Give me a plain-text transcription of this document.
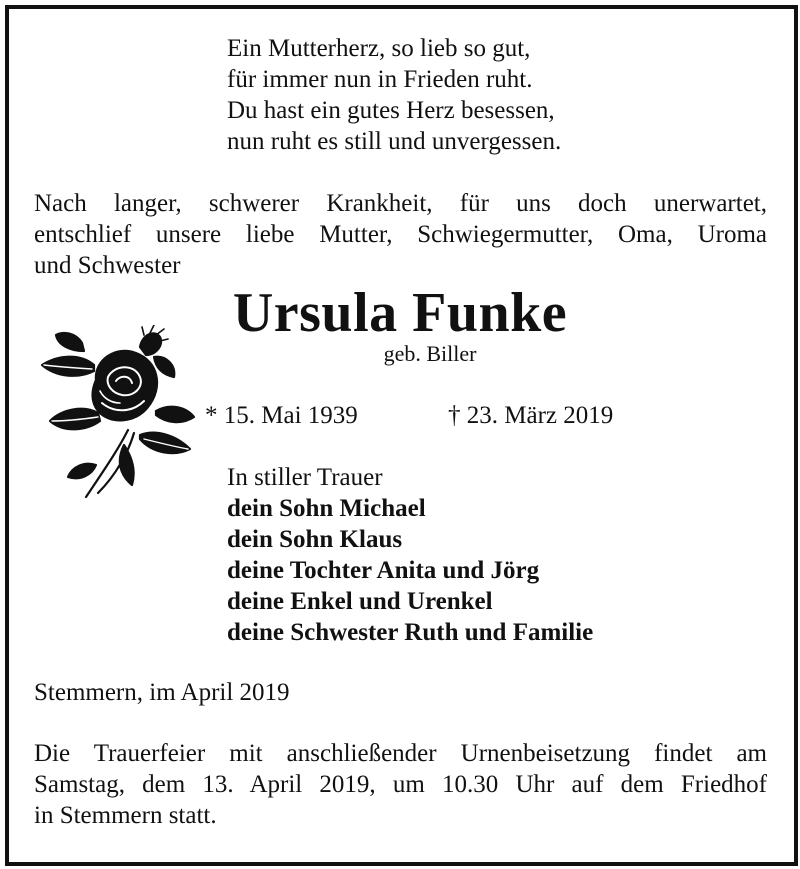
Ein Mutterherz, so lieb so gut,
für immer nun in Frieden ruht.
Du hast ein gutes Herz besessen,
nun ruht es still und unvergessen.
Nach langer, schwerer Krankheit, für uns doch unerwartet,
entschlief unsere liebe Mutter, Schwiegermutter, Oma, Uroma
und Schwester
Ursula Funke
geb. Biller
* 15. Mai 1939	† 23. März 2019
In stiller Trauer
dein Sohn Michael
dein Sohn Klaus
deine Tochter Anita und Jörg
deine Enkel und Urenkel
deine Schwester Ruth und Familie
Stemmern, im April 2019
Die Trauerfeier mit anschließender Urnenbeisetzung findet am
Samstag, dem 13. April 2019, um 10.30 Uhr auf dem Friedhof
in Stemmern statt.
